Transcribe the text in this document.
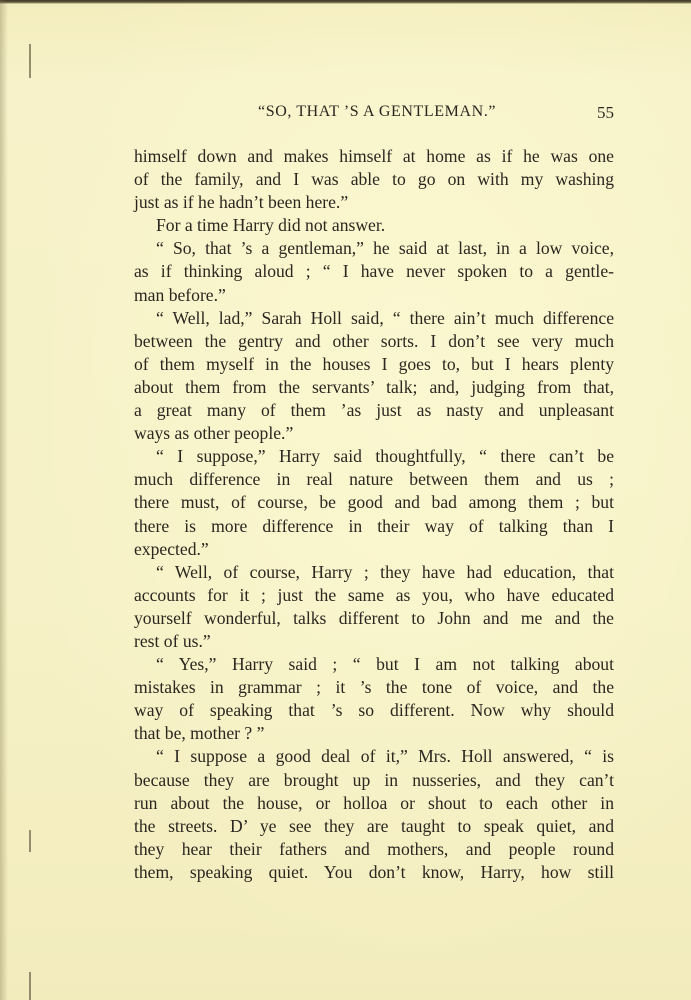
“SO, THAT ’S A GENTLEMAN.”	55
himself down and makes himself at home as if he was one
of the family, and I was able to go on with my washing
just as if he hadn’t been here.”
For a time Harry did not answer.
“ So, that ’s a gentleman,” he said at last, in a low voice,
as if thinking aloud ; “ I have never spoken to a gentle-
man before.”
“ Well, lad,” Sarah Holl said, “ there ain’t much difference
between the gentry and other sorts. I don’t see very much
of them myself in the houses I goes to, but I hears plenty
about them from the servants’ talk; and, judging from that,
a great many of them ’as just as nasty and unpleasant
ways as other people.”
“ I suppose,” Harry said thoughtfully, “ there can’t be
much difference in real nature between them and us ;
there must, of course, be good and bad among them ; but
there is more difference in their way of talking than I
expected.”
“ Well, of course, Harry ; they have had education, that
accounts for it ; just the same as you, who have educated
yourself wonderful, talks different to John and me and the
rest of us.”
“ Yes,” Harry said ; “ but I am not talking about
mistakes in grammar ; it ’s the tone of voice, and the
way of speaking that ’s so different. Now why should
that be, mother ? ”
“ I suppose a good deal of it,” Mrs. Holl answered, “ is
because they are brought up in nusseries, and they can’t
run about the house, or holloa or shout to each other in
the streets. D’ ye see they are taught to speak quiet, and
they hear their fathers and mothers, and people round
them, speaking quiet. You don’t know, Harry, how still
